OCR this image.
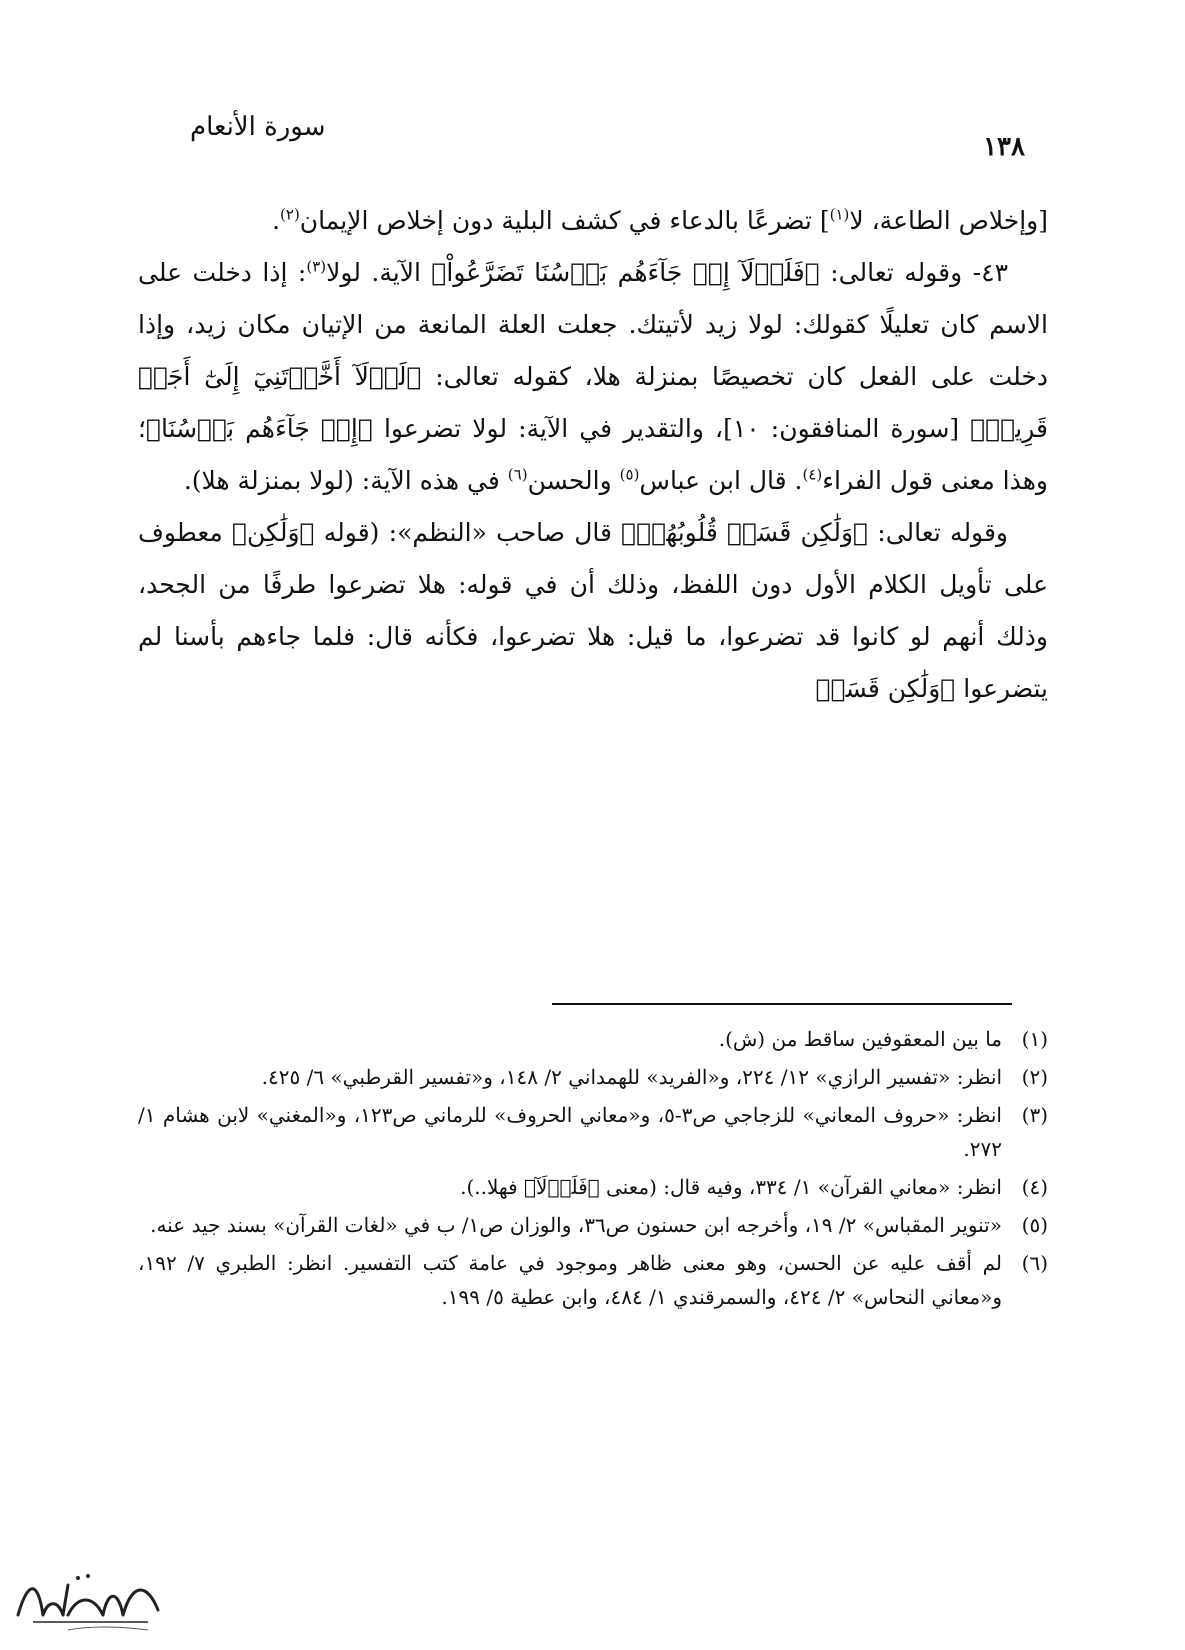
سورة الأنعام
١٣٨

[وإخلاص الطاعة، لا$^{(١)}$] تضرعًا بالدعاء في كشف البلية دون إخلاص الإيمان$^{(٢)}$.

٤٣- وقوله تعالى: ﴿فَلَوۡلَآ إِذۡ جَآءَهُم بَأۡسُنَا تَضَرَّعُواْ﴾ الآية. لولا$^{(٣)}$: إذا دخلت على الاسم كان تعليلًا كقولك: لولا زيد لأتيتك. جعلت العلة المانعة من الإتيان مكان زيد، وإذا دخلت على الفعل كان تخصيصًا بمنزلة هلا، كقوله تعالى: ﴿لَوۡلَآ أَخَّرۡتَنِيٓ إِلَىٰٓ أَجَلٖ قَرِيبٖ﴾ [سورة المنافقون: ١٠]، والتقدير في الآية: لولا تضرعوا ﴿إِذۡ جَآءَهُم بَأۡسُنَا﴾؛ وهذا معنى قول الفراء$^{(٤)}$. قال ابن عباس$^{(٥)}$ والحسن$^{(٦)}$ في هذه الآية: (لولا بمنزلة هلا).

وقوله تعالى: ﴿وَلَٰكِن قَسَتۡ قُلُوبُهُمۡ﴾ قال صاحب «النظم»: (قوله ﴿وَلَٰكِن﴾ معطوف على تأويل الكلام الأول دون اللفظ، وذلك أن في قوله: هلا تضرعوا طرفًا من الجحد، وذلك أنهم لو كانوا قد تضرعوا، ما قيل: هلا تضرعوا، فكأنه قال: فلما جاءهم بأسنا لم يتضرعوا ﴿وَلَٰكِن قَسَتۡ

(١)
ما بين المعقوفين ساقط من (ش).
(٢)
انظر: «تفسير الرازي» ١٢/ ٢٢٤، و«الفريد» للهمداني ٢/ ١٤٨، و«تفسير القرطبي» ٦/ ٤٢٥.
(٣)
انظر: «حروف المعاني» للزجاجي ص٣-٥، و«معاني الحروف» للرماني ص١٢٣، و«المغني» لابن هشام ١/ ٢٧٢.
(٤)
انظر: «معاني القرآن» ١/ ٣٣٤، وفيه قال: (معنى ﴿فَلَوۡلَآ﴾ فهلا..).
(٥)
«تنوير المقباس» ٢/ ١٩، وأخرجه ابن حسنون ص٣٦، والوزان ص١/ ب في «لغات القرآن» بسند جيد عنه.
(٦)
لم أقف عليه عن الحسن، وهو معنى ظاهر وموجود في عامة كتب التفسير. انظر: الطبري ٧/ ١٩٢، و«معاني النحاس» ٢/ ٤٢٤، والسمرقندي ١/ ٤٨٤، وابن عطية ٥/ ١٩٩.
